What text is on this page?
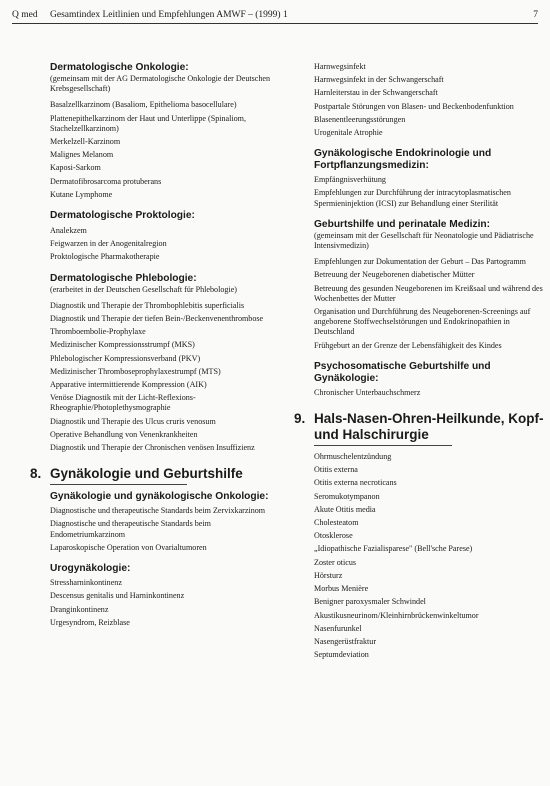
Q med	Gesamtindex Leitlinien und Empfehlungen AMWF – (1999) 1	7

Dermatologische Onkologie:

(gemeinsam mit der AG Dermatologische Onkologie der Deutschen Krebsgesellschaft)

Basalzellkarzinom (Basaliom, Epithelioma basocellulare)
Plattenepithelkarzinom der Haut und Unterlippe (Spinaliom, Stachelzellkarzinom)
Merkelzell-Karzinom
Malignes Melanom
Kaposi-Sarkom
Dermatofibrosarcoma protuberans
Kutane Lymphome

Dermatologische Proktologie:

Analekzem
Feigwarzen in der Anogenitalregion
Proktologische Pharmakotherapie

Dermatologische Phlebologie:

(erarbeitet in der Deutschen Gesellschaft für Phlebologie)

Diagnostik und Therapie der Thrombophlebitis superficialis
Diagnostik und Therapie der tiefen Bein-/Beckenvenenthrombose
Thromboembolie-Prophylaxe
Medizinischer Kompressionsstrumpf (MKS)
Phlebologischer Kompressionsverband (PKV)
Medizinischer Thromboseprophylaxestrumpf (MTS)
Apparative intermittierende Kompression (AIK)
Venöse Diagnostik mit der Licht-Reflexions-Rheographie/Photoplethysmographie
Diagnostik und Therapie des Ulcus cruris venosum
Operative Behandlung von Venenkrankheiten
Diagnostik und Therapie der Chronischen venösen Insuffizienz

8. Gynäkologie und Geburtshilfe

Gynäkologie und gynäkologische Onkologie:

Diagnostische und therapeutische Standards beim Zervixkarzinom
Diagnostische und therapeutische Standards beim Endometriumkarzinom
Laparoskopische Operation von Ovarialtumoren

Urogynäkologie:

Stressharninkontinenz
Descensus genitalis und Harninkontinenz
Dranginkontinenz
Urgesyndrom, Reizblase
Harnwegsinfekt
Harnwegsinfekt in der Schwangerschaft
Harnleiterstau in der Schwangerschaft
Postpartale Störungen von Blasen- und Beckenbodenfunktion
Blasenentleerungsstörungen
Urogenitale Atrophie

Gynäkologische Endokrinologie und Fortpflanzungsmedizin:

Empfängnisverhütung
Empfehlungen zur Durchführung der intracytoplasmatischen Spermieninjektion (ICSI) zur Behandlung einer Sterilität

Geburtshilfe und perinatale Medizin:

(gemeinsam mit der Gesellschaft für Neonatologie und Pädiatrische Intensivmedizin)

Empfehlungen zur Dokumentation der Geburt – Das Partogramm
Betreuung der Neugeborenen diabetischer Mütter
Betreuung des gesunden Neugeborenen im Kreißsaal und während des Wochenbettes der Mutter
Organisation und Durchführung des Neugeborenen-Screenings auf angeborene Stoffwechselstörungen und Endokrinopathien in Deutschland
Frühgeburt an der Grenze der Lebensfähigkeit des Kindes

Psychosomatische Geburtshilfe und Gynäkologie:

Chronischer Unterbauchschmerz

9. Hals-Nasen-Ohren-Heilkunde, Kopf- und Halschirurgie

Ohrmuschelentzündung
Otitis externa
Otitis externa necroticans
Seromukotympanon
Akute Otitis media
Cholesteatom
Otosklerose
„Idiopathische Fazialisparese" (Bell'sche Parese)
Zoster oticus
Hörsturz
Morbus Menière
Benigner paroxysmaler Schwindel
Akustikusneurinom/Kleinhirnbrückenwinkeltumor
Nasenfurunkel
Nasengerüstfraktur
Septumdeviation
